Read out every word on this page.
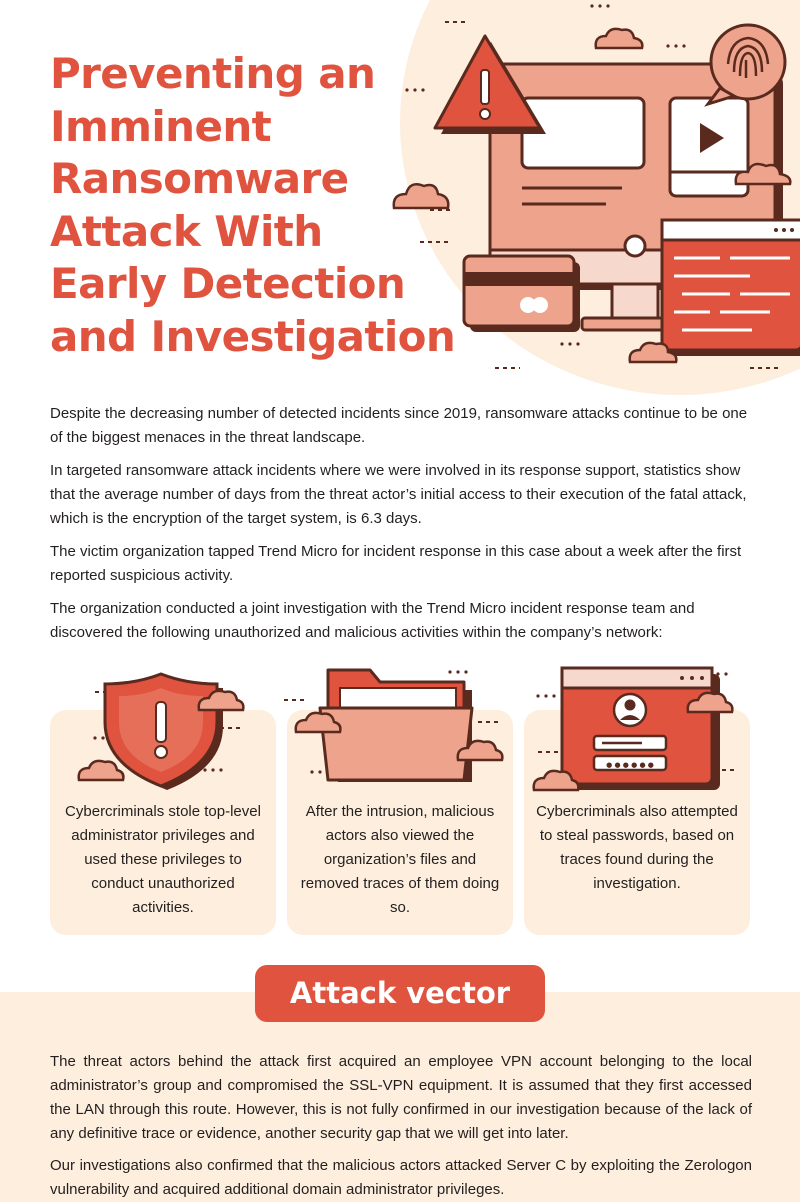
Preventing an
Imminent
Ransomware
Attack With
Early Detection
and Investigation

Despite the decreasing number of detected incidents since 2019, ransomware attacks continue to be one of the biggest menaces in the threat landscape.

In targeted ransomware attack incidents where we were involved in its response support, statistics show that the average number of days from the threat actor’s initial access to their execution of the fatal attack, which is the encryption of the target system, is 6.3 days.

The victim organization tapped Trend Micro for incident response in this case about a week after the first reported suspicious activity.

The organization conducted a joint investigation with the Trend Micro incident response team and discovered the following unauthorized and malicious activities within the company’s network:

Cybercriminals stole top-level administrator privileges and used these privileges to conduct unauthorized activities.
After the intrusion, malicious actors also viewed the organization’s files and removed traces of them doing so.
Cybercriminals also attempted to steal passwords, based on traces found during the investigation.
● ● ● ● ● ●
Attack vector

The threat actors behind the attack first acquired an employee VPN account belonging to the local administrator’s group and compromised the SSL-VPN equipment. It is assumed that they first accessed the LAN through this route. However, this is not fully confirmed in our investigation because of the lack of any definitive trace or evidence, another security gap that we will get into later.

Our investigations also confirmed that the malicious actors attacked Server C by exploiting the Zerologon vulnerability and acquired additional domain administrator privileges.
